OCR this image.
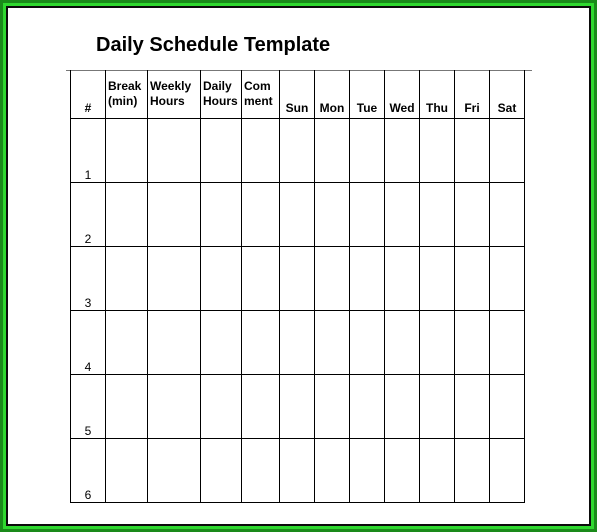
Daily Schedule Template
#	Break (min)	Weekly Hours	Daily Hours	Com ment	Sun	Mon	Tue	Wed	Thu	Fri	Sat
1											
2											
3											
4											
5											
6											
